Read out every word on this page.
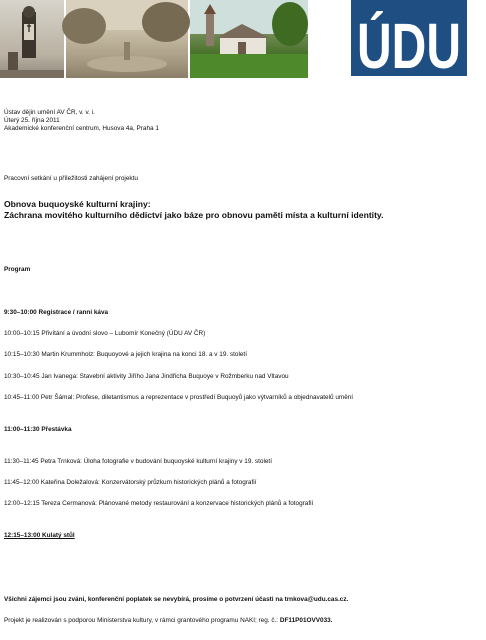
ÚDU
Ústav dějin umění AV ČR, v. v. i.
Úterý 25. října 2011
Akademické konferenční centrum, Husova 4a, Praha 1
Pracovní setkání u příležitosti zahájení projektu
Obnova buquoyské kulturní krajiny:
Záchrana movitého kulturního dědictví jako báze pro obnovu paměti místa a kulturní identity.
Program
9:30–10:00 Registrace / ranní káva
10:00–10:15 Přivítání a úvodní slovo – Lubomír Konečný (ÚDU AV ČR)
10:15–10:30 Martin Krummholz: Buquoyové a jejich krajina na konci 18. a v 19. století
10:30–10:45 Jan Ivanega: Stavební aktivity Jiřího Jana Jindřicha Buquoye v Rožmberku nad Vltavou
10:45–11:00 Petr Šámal: Profese, diletantismus a reprezentace v prostředí Buquoyů jako výtvarníků a objednavatelů umění
11:00–11:30 Přestávka
11:30–11:45 Petra Trnková: Úloha fotografie v budování buquoyské kulturní krajiny v 19. století
11:45–12:00 Kateřina Doležalová: Konzervátorský průzkum historických plánů a fotografií
12:00–12:15 Tereza Cermanová: Plánované metody restaurování a konzervace historických plánů a fotografií
12:15–13:00 Kulatý stůl
Všichni zájemci jsou zváni, konferenční poplatek se nevybírá, prosíme o potvrzení účasti na trnkova@udu.cas.cz.
Projekt je realizován s podporou Ministerstva kultury, v rámci grantového programu NAKI; reg. č.: DF11P01OVV033.
